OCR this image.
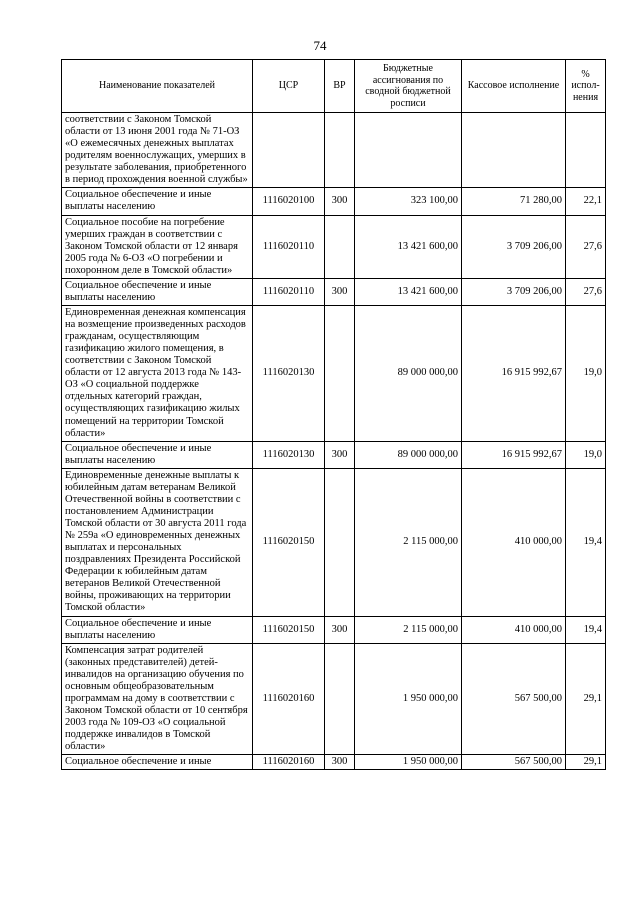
74
Наименование показателей	ЦСР	ВР	Бюджетные ассигнования по сводной бюджетной росписи	Кассовое исполнение	% испол-нения
соответствии с Законом Томской области от 13 июня 2001 года № 71-ОЗ «О ежемесячных денежных выплатах родителям военнослужащих, умерших в результате заболевания, приобретенного в период прохождения военной службы»					
Социальное обеспечение и иные выплаты населению	1116020100	300	323 100,00	71 280,00	22,1
Социальное пособие на погребение умерших граждан в соответствии с Законом Томской области от 12 января 2005 года № 6-ОЗ «О погребении и похоронном деле в Томской области»	1116020110		13 421 600,00	3 709 206,00	27,6
Социальное обеспечение и иные выплаты населению	1116020110	300	13 421 600,00	3 709 206,00	27,6
Единовременная денежная компенсация на возмещение произведенных расходов гражданам, осуществляющим газификацию жилого помещения, в соответствии с Законом Томской области от 12 августа 2013 года № 143-ОЗ «О социальной поддержке отдельных категорий граждан, осуществляющих газификацию жилых помещений на территории Томской области»	1116020130		89 000 000,00	16 915 992,67	19,0
Социальное обеспечение и иные выплаты населению	1116020130	300	89 000 000,00	16 915 992,67	19,0
Единовременные денежные выплаты к юбилейным датам ветеранам Великой Отечественной войны в соответствии с постановлением Администрации Томской области от 30 августа 2011 года № 259а «О единовременных денежных выплатах и персональных поздравлениях Президента Российской Федерации к юбилейным датам ветеранов Великой Отечественной войны, проживающих на территории Томской области»	1116020150		2 115 000,00	410 000,00	19,4
Социальное обеспечение и иные выплаты населению	1116020150	300	2 115 000,00	410 000,00	19,4
Компенсация затрат родителей (законных представителей) детей-инвалидов на организацию обучения по основным общеобразовательным программам на дому в соответствии с Законом Томской области от 10 сентября 2003 года № 109-ОЗ «О социальной поддержке инвалидов в Томской области»	1116020160		1 950 000,00	567 500,00	29,1
Социальное обеспечение и иные	1116020160	300	1 950 000,00	567 500,00	29,1
